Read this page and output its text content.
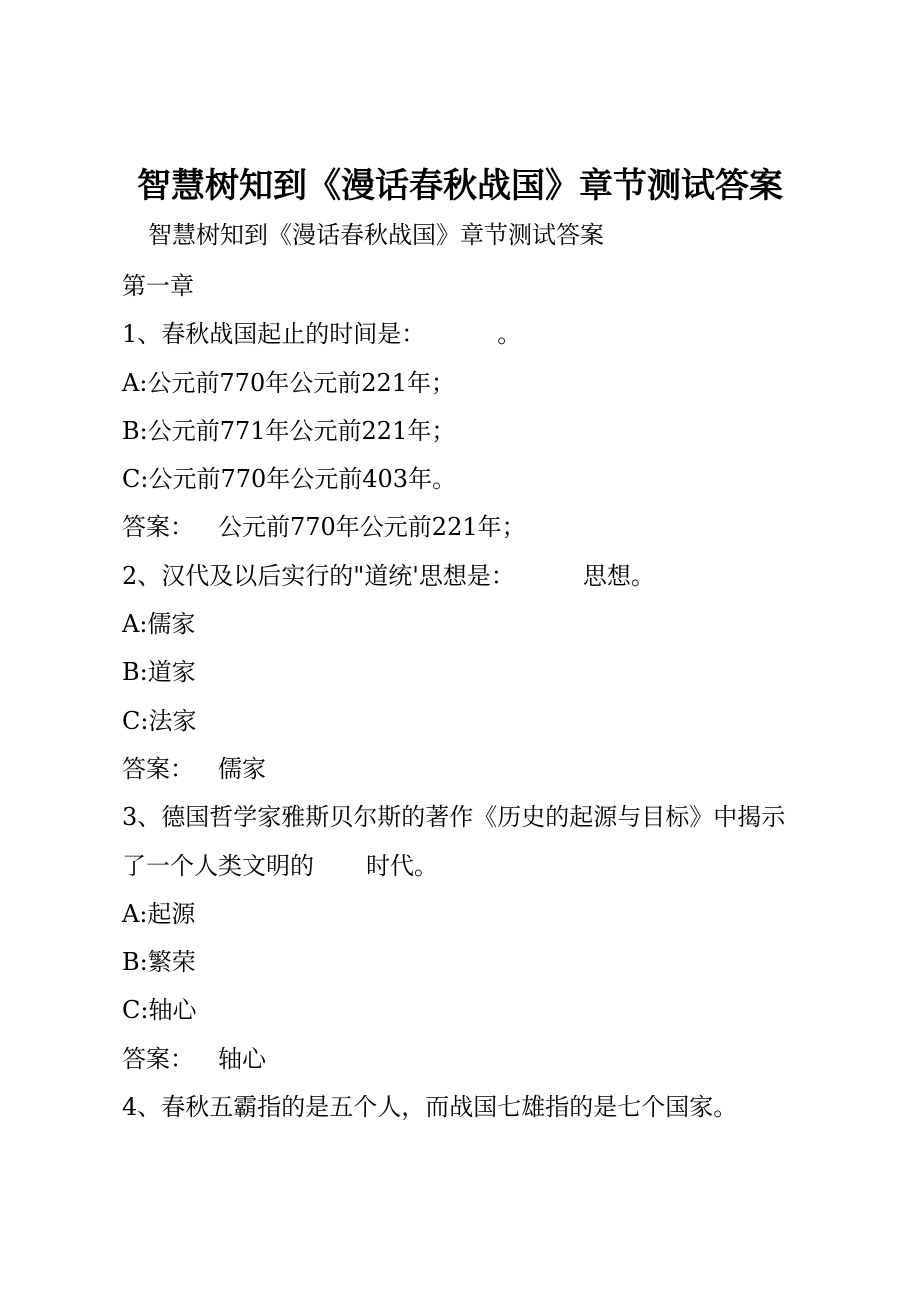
智慧树知到《漫话春秋战国》章节测试答案
智慧树知到《漫话春秋战国》章节测试答案
第一章
1、春秋战国起止的时间是：	。
A:公元前770年公元前221年；
B:公元前771年公元前221年；
C:公元前770年公元前403年。
答案： 公元前770年公元前221年；
2、汉代及以后实行的"道统'思想是：	思想。
A:儒家
B:道家
C:法家
答案： 儒家
3、德国哲学家雅斯贝尔斯的著作《历史的起源与目标》中揭示
了一个人类文明的 时代。
A:起源
B:繁荣
C:轴心
答案： 轴心
4、春秋五霸指的是五个人，而战国七雄指的是七个国家。
